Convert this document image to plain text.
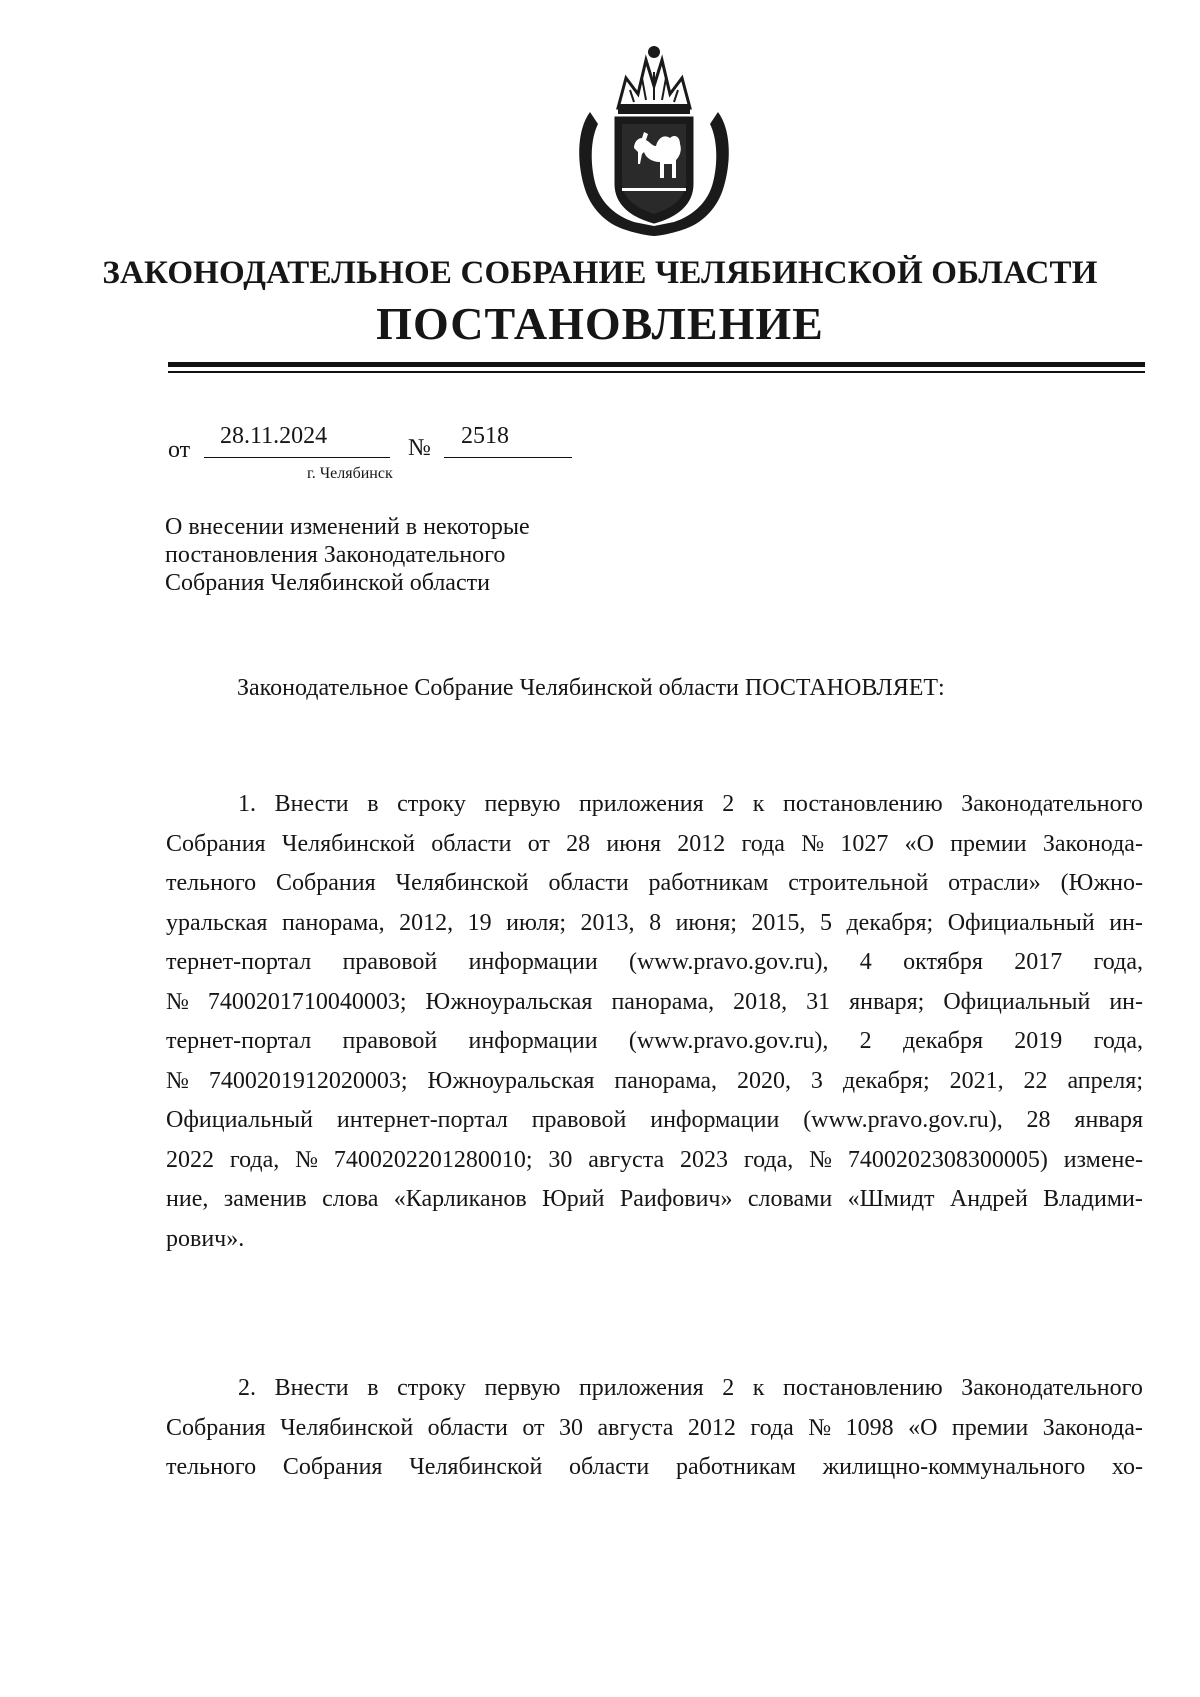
ЗАКОНОДАТЕЛЬНОЕ СОБРАНИЕ ЧЕЛЯБИНСКОЙ ОБЛАСТИ
ПОСТАНОВЛЕНИЕ
от
28.11.2024	№ 2518
г. Челябинск
О внесении изменений в некоторые
постановления Законодательного
Собрания Челябинской области
Законодательное Собрание Челябинской области ПОСТАНОВЛЯЕТ:
1. Внести в строку первую приложения 2 к постановлению Законодательного
Собрания Челябинской области от 28 июня 2012 года № 1027 «О премии Законода-
тельного Собрания Челябинской области работникам строительной отрасли» (Южно-
уральская панорама, 2012, 19 июля; 2013, 8 июня; 2015, 5 декабря; Официальный ин-
тернет-портал правовой информации (www.pravo.gov.ru), 4 октября 2017 года,
№ 7400201710040003; Южноуральская панорама, 2018, 31 января; Официальный ин-
тернет-портал правовой информации (www.pravo.gov.ru), 2 декабря 2019 года,
№ 7400201912020003; Южноуральская панорама, 2020, 3 декабря; 2021, 22 апреля;
Официальный интернет-портал правовой информации (www.pravo.gov.ru), 28 января
2022 года, № 7400202201280010; 30 августа 2023 года, № 7400202308300005) измене-
ние, заменив слова «Карликанов Юрий Раифович» словами «Шмидт Андрей Владими-
рович».
2. Внести в строку первую приложения 2 к постановлению Законодательного
Собрания Челябинской области от 30 августа 2012 года № 1098 «О премии Законода-
тельного Собрания Челябинской области работникам жилищно-коммунального хо-
